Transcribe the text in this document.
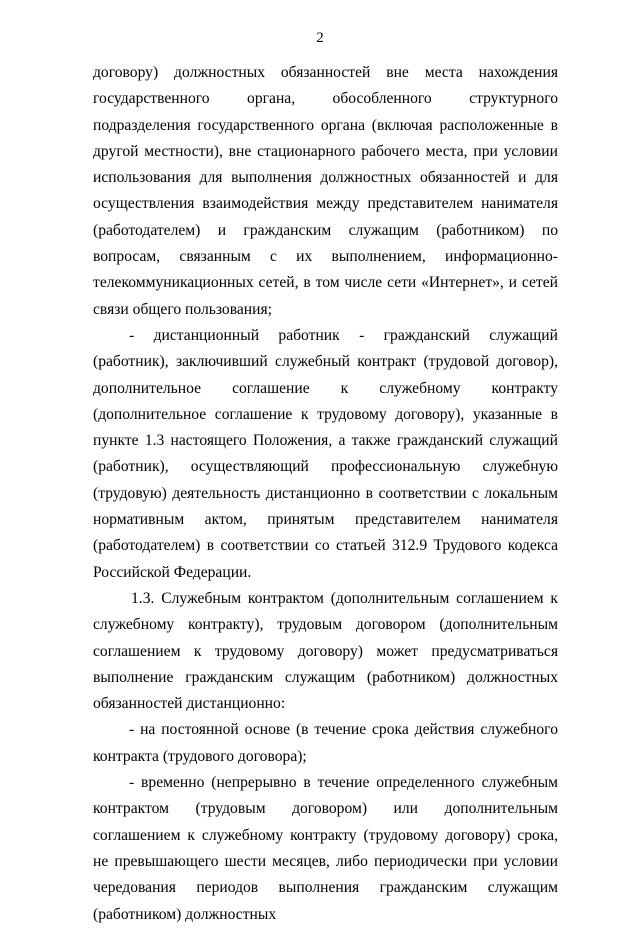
2

договору) должностных обязанностей вне места нахождения государственного органа, обособленного структурного подразделения государственного органа (включая расположенные в другой местности), вне стационарного рабочего места, при условии использования для выполнения должностных обязанностей и для осуществления взаимодействия между представителем нанимателя (работодателем) и гражданским служащим (работником) по вопросам, связанным с их выполнением, информационно-телекоммуникационных сетей, в том числе сети «Интернет», и сетей связи общего пользования;

- дистанционный работник - гражданский служащий (работник), заключивший служебный контракт (трудовой договор), дополнительное соглашение к служебному контракту (дополнительное соглашение к трудовому договору), указанные в пункте 1.3 настоящего Положения, а также гражданский служащий (работник), осуществляющий профессиональную служебную (трудовую) деятельность дистанционно в соответствии с локальным нормативным актом, принятым представителем нанимателя (работодателем) в соответствии со статьей 312.9 Трудового кодекса Российской Федерации.

1.3. Служебным контрактом (дополнительным соглашением к служебному контракту), трудовым договором (дополнительным соглашением к трудовому договору) может предусматриваться выполнение гражданским служащим (работником) должностных обязанностей дистанционно:

- на постоянной основе (в течение срока действия служебного контракта (трудового договора);

- временно (непрерывно в течение определенного служебным контрактом (трудовым договором) или дополнительным соглашением к служебному контракту (трудовому договору) срока, не превышающего шести месяцев, либо периодически при условии чередования периодов выполнения гражданским служащим (работником) должностных
